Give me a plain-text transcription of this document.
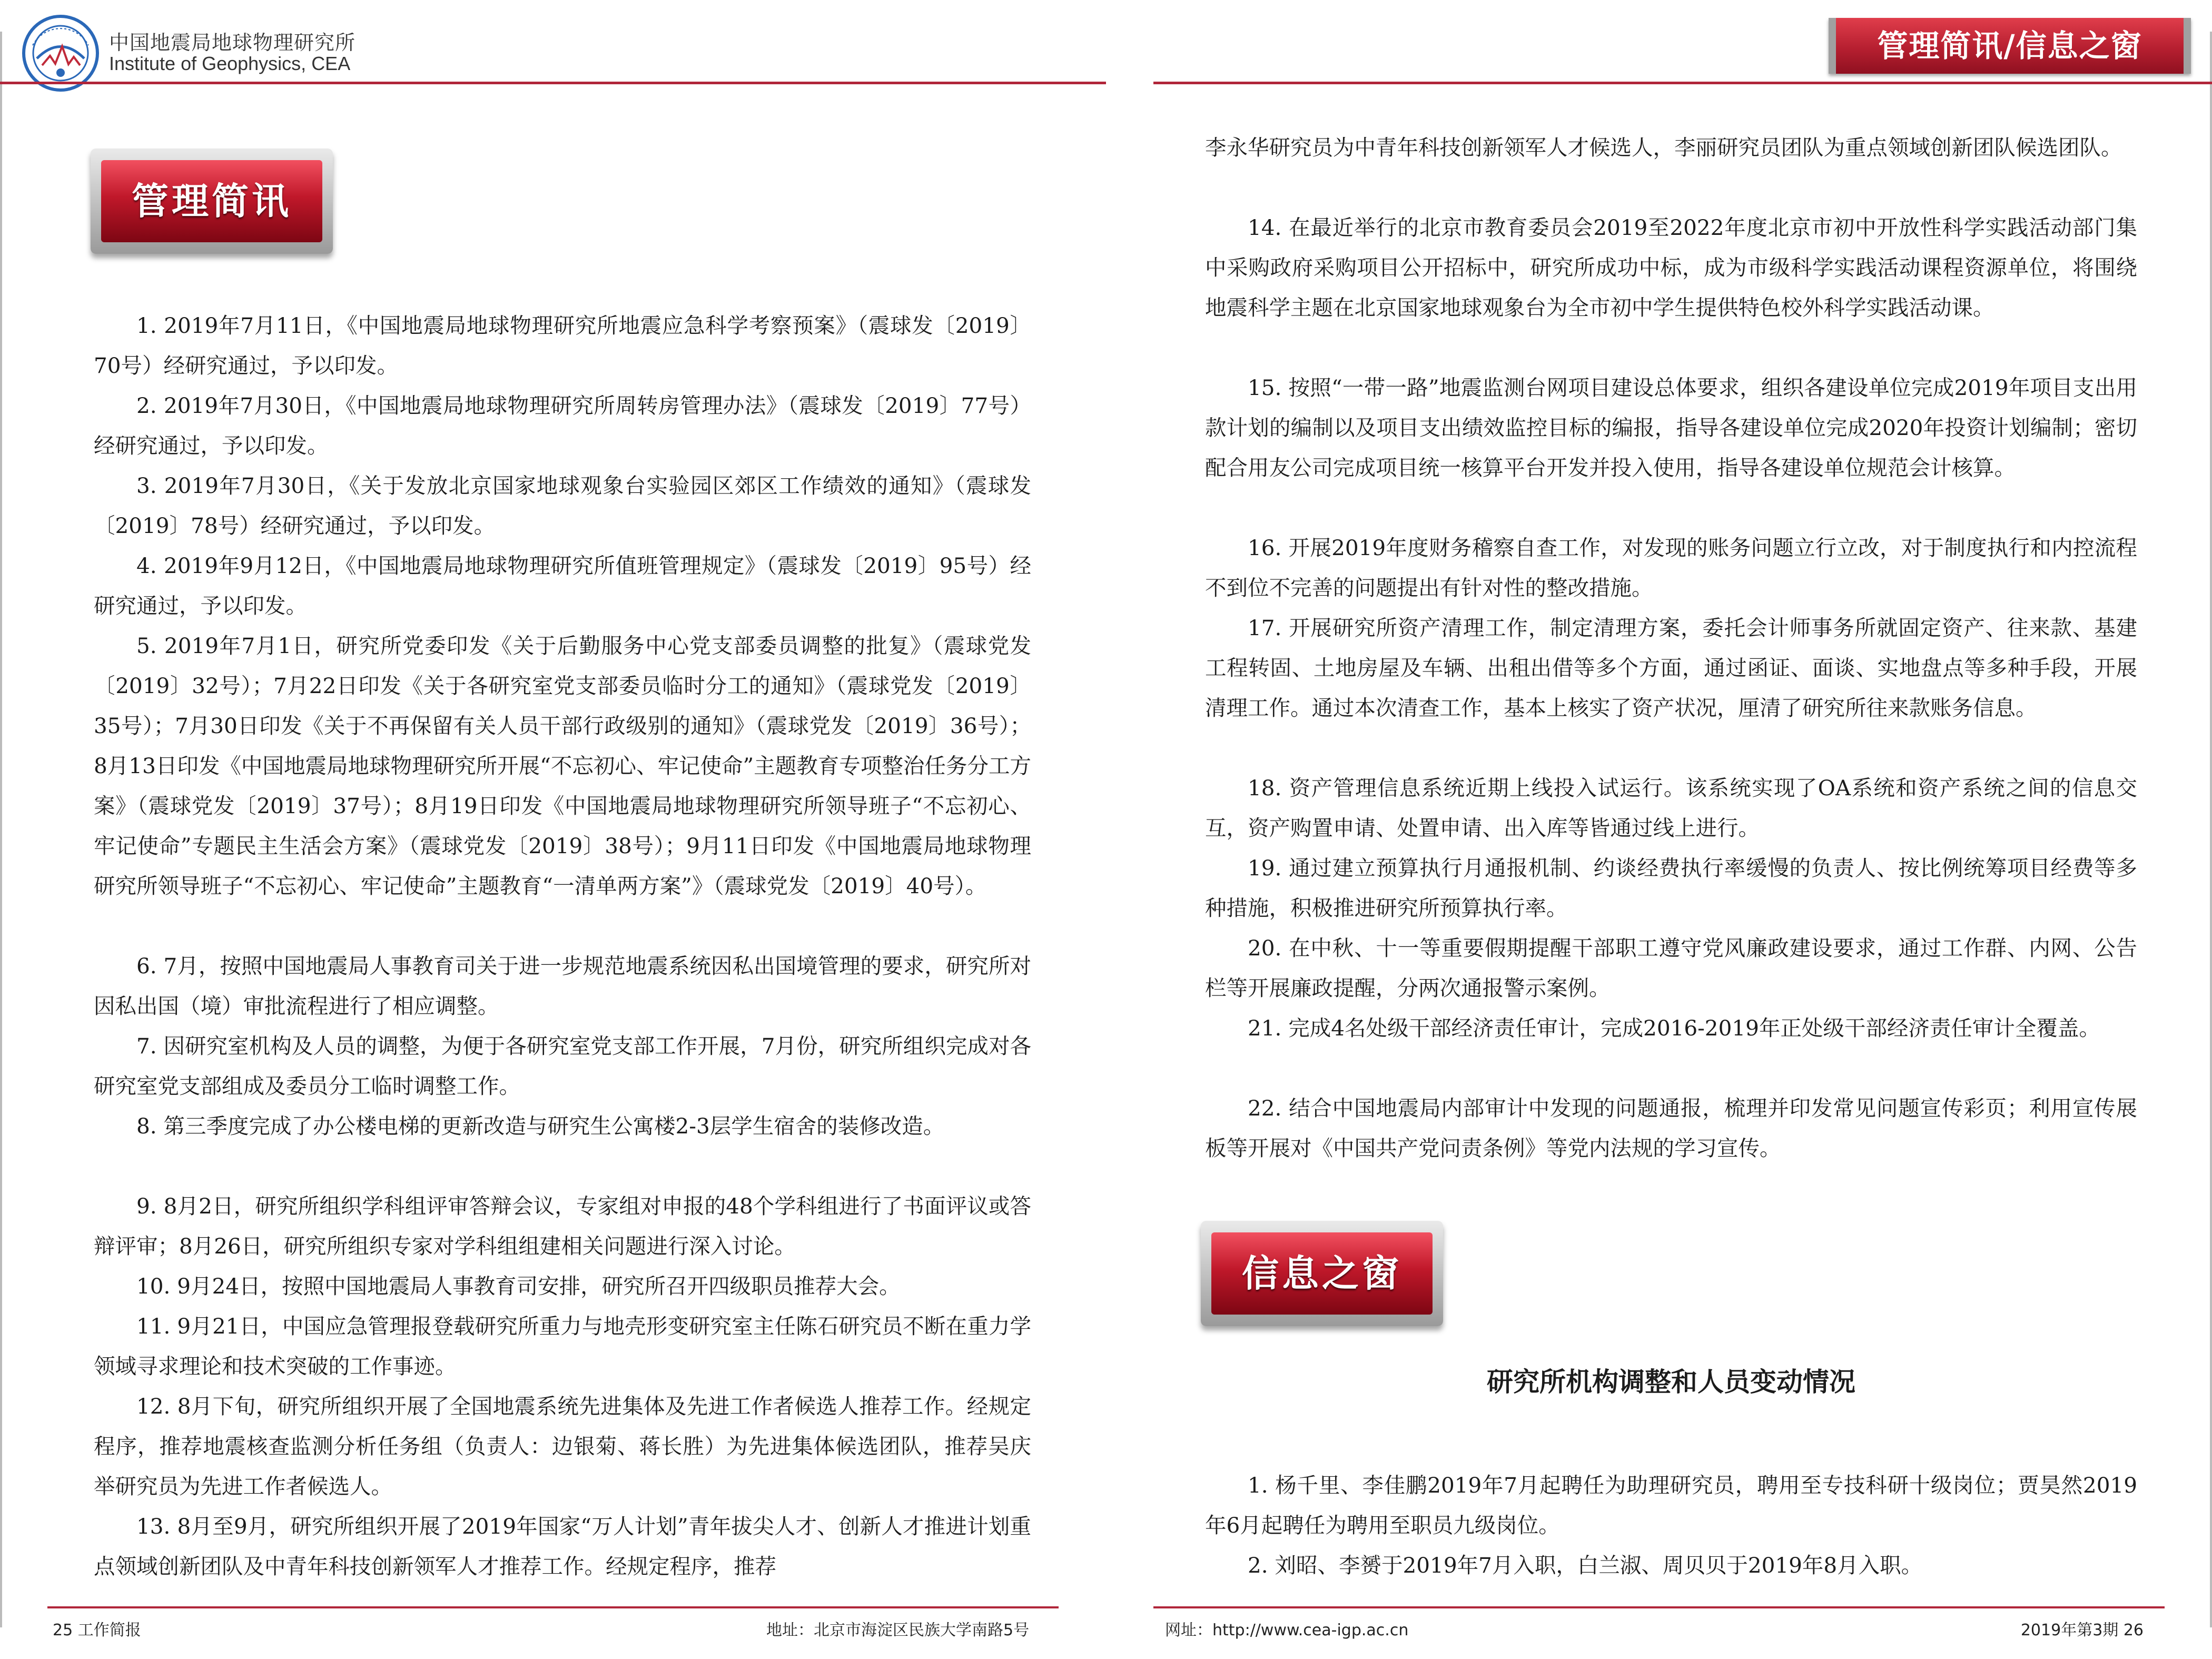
中国地震局地球物理研究所
Institute of Geophysics, CEA
管理简讯

1. 2019年7月11日，《中国地震局地球物理研究所地震应急科学考察预案》（震球发〔2019〕70号）经研究通过，予以印发。

2. 2019年7月30日，《中国地震局地球物理研究所周转房管理办法》（震球发〔2019〕77号）经研究通过，予以印发。

3. 2019年7月30日，《关于发放北京国家地球观象台实验园区郊区工作绩效的通知》（震球发〔2019〕78号）经研究通过，予以印发。

4. 2019年9月12日，《中国地震局地球物理研究所值班管理规定》（震球发〔2019〕95号）经研究通过，予以印发。

5. 2019年7月1日，研究所党委印发《关于后勤服务中心党支部委员调整的批复》（震球党发〔2019〕32号）；7月22日印发《关于各研究室党支部委员临时分工的通知》（震球党发〔2019〕35号）；7月30日印发《关于不再保留有关人员干部行政级别的通知》（震球党发〔2019〕36号）；8月13日印发《中国地震局地球物理研究所开展“不忘初心、牢记使命”主题教育专项整治任务分工方案》（震球党发〔2019〕37号）；8月19日印发《中国地震局地球物理研究所领导班子“不忘初心、牢记使命”专题民主生活会方案》（震球党发〔2019〕38号）；9月11日印发《中国地震局地球物理研究所领导班子“不忘初心、牢记使命”主题教育“一清单两方案”》（震球党发〔2019〕40号）。

6. 7月，按照中国地震局人事教育司关于进一步规范地震系统因私出国境管理的要求，研究所对因私出国（境）审批流程进行了相应调整。

7. 因研究室机构及人员的调整，为便于各研究室党支部工作开展，7月份，研究所组织完成对各研究室党支部组成及委员分工临时调整工作。

8. 第三季度完成了办公楼电梯的更新改造与研究生公寓楼2-3层学生宿舍的装修改造。

9. 8月2日，研究所组织学科组评审答辩会议，专家组对申报的48个学科组进行了书面评议或答辩评审；8月26日，研究所组织专家对学科组组建相关问题进行深入讨论。

10. 9月24日，按照中国地震局人事教育司安排，研究所召开四级职员推荐大会。

11. 9月21日，中国应急管理报登载研究所重力与地壳形变研究室主任陈石研究员不断在重力学领域寻求理论和技术突破的工作事迹。

12. 8月下旬，研究所组织开展了全国地震系统先进集体及先进工作者候选人推荐工作。经规定程序，推荐地震核查监测分析任务组（负责人：边银菊、蒋长胜）为先进集体候选团队，推荐吴庆举研究员为先进工作者候选人。

13. 8月至9月，研究所组织开展了2019年国家“万人计划”青年拔尖人才、创新人才推进计划重点领域创新团队及中青年科技创新领军人才推荐工作。经规定程序，推荐

25 工作简报	地址：北京市海淀区民族大学南路5号
管理简讯/信息之窗

李永华研究员为中青年科技创新领军人才候选人，李丽研究员团队为重点领域创新团队候选团队。

14. 在最近举行的北京市教育委员会2019至2022年度北京市初中开放性科学实践活动部门集中采购政府采购项目公开招标中，研究所成功中标，成为市级科学实践活动课程资源单位，将围绕地震科学主题在北京国家地球观象台为全市初中学生提供特色校外科学实践活动课。

15. 按照“一带一路”地震监测台网项目建设总体要求，组织各建设单位完成2019年项目支出用款计划的编制以及项目支出绩效监控目标的编报，指导各建设单位完成2020年投资计划编制；密切配合用友公司完成项目统一核算平台开发并投入使用，指导各建设单位规范会计核算。

16. 开展2019年度财务稽察自查工作，对发现的账务问题立行立改，对于制度执行和内控流程不到位不完善的问题提出有针对性的整改措施。

17. 开展研究所资产清理工作，制定清理方案，委托会计师事务所就固定资产、往来款、基建工程转固、土地房屋及车辆、出租出借等多个方面，通过函证、面谈、实地盘点等多种手段，开展清理工作。通过本次清查工作，基本上核实了资产状况，厘清了研究所往来款账务信息。

18. 资产管理信息系统近期上线投入试运行。该系统实现了OA系统和资产系统之间的信息交互，资产购置申请、处置申请、出入库等皆通过线上进行。

19. 通过建立预算执行月通报机制、约谈经费执行率缓慢的负责人、按比例统筹项目经费等多种措施，积极推进研究所预算执行率。

20. 在中秋、十一等重要假期提醒干部职工遵守党风廉政建设要求，通过工作群、内网、公告栏等开展廉政提醒，分两次通报警示案例。

21. 完成4名处级干部经济责任审计，完成2016-2019年正处级干部经济责任审计全覆盖。

22. 结合中国地震局内部审计中发现的问题通报，梳理并印发常见问题宣传彩页；利用宣传展板等开展对《中国共产党问责条例》等党内法规的学习宣传。

研究所机构调整和人员变动情况

1. 杨千里、李佳鹏2019年7月起聘任为助理研究员，聘用至专技科研十级岗位；贾昊然2019年6月起聘任为聘用至职员九级岗位。

2. 刘昭、李赟于2019年7月入职，白兰淑、周贝贝于2019年8月入职。

信息之窗
网址：http://www.cea-igp.ac.cn	2019年第3期 26
